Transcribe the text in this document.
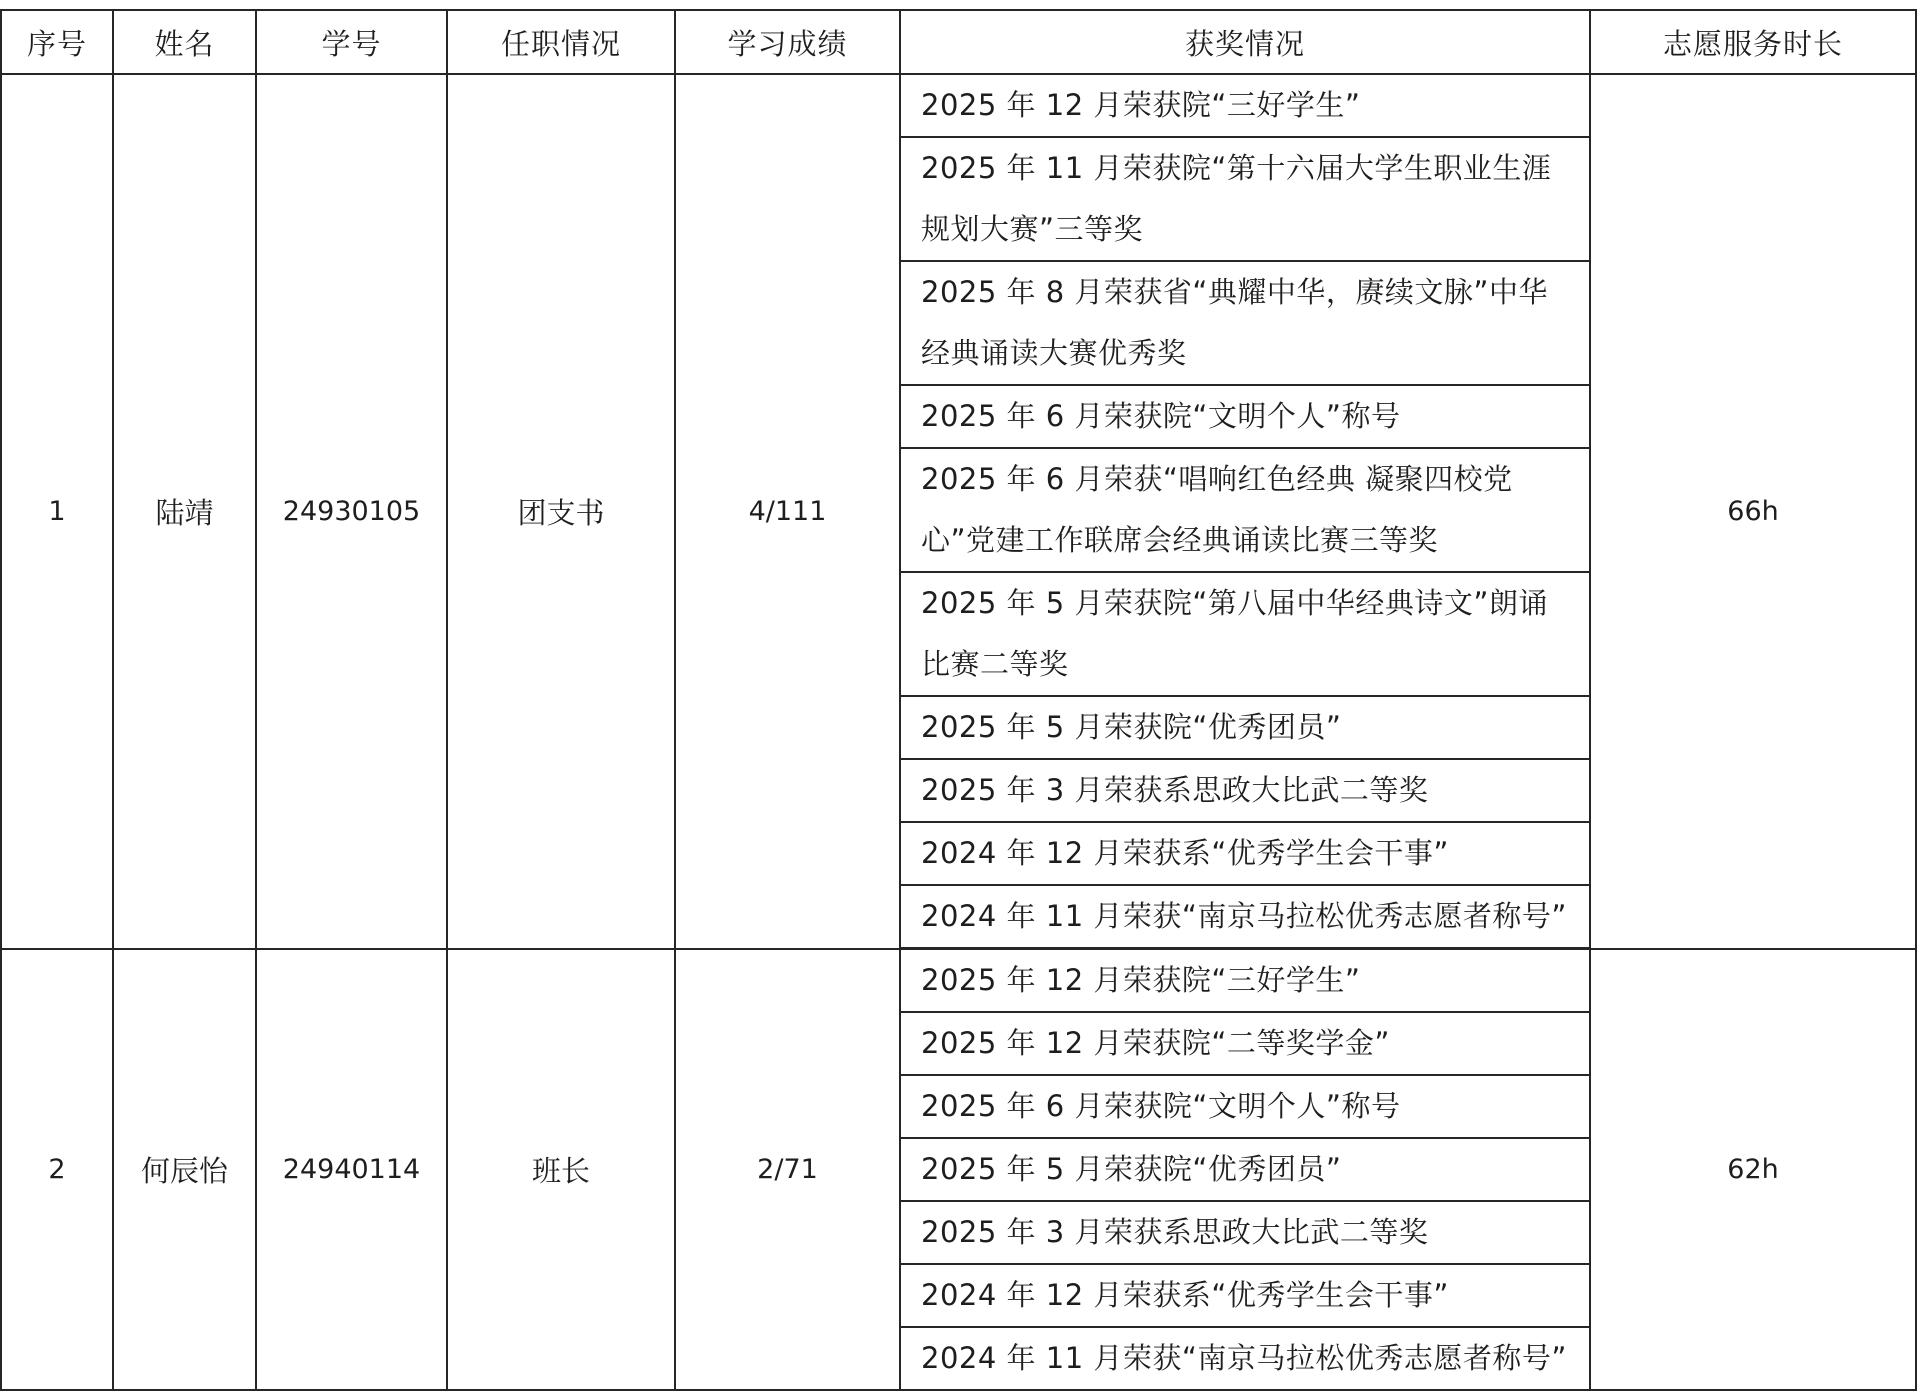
序号	姓名	学号	任职情况	学习成绩	获奖情况	志愿服务时长
1	陆靖	24930105	团支书	4/111	2025 年 12 月荣获院“三好学生”	66h
					2025 年 11 月荣获院“第十六届大学生职业生涯规划大赛”三等奖	
					2025 年 8 月荣获省“典耀中华，赓续文脉”中华经典诵读大赛优秀奖	
					2025 年 6 月荣获院“文明个人”称号	
					2025 年 6 月荣获“唱响红色经典 凝聚四校党心”党建工作联席会经典诵读比赛三等奖	
					2025 年 5 月荣获院“第八届中华经典诗文”朗诵比赛二等奖	
					2025 年 5 月荣获院“优秀团员”	
					2025 年 3 月荣获系思政大比武二等奖	
					2024 年 12 月荣获系“优秀学生会干事”	
					2024 年 11 月荣获“南京马拉松优秀志愿者称号”	
2	何辰怡	24940114	班长	2/71	2025 年 12 月荣获院“三好学生”	62h
					2025 年 12 月荣获院“二等奖学金”	
					2025 年 6 月荣获院“文明个人”称号	
					2025 年 5 月荣获院“优秀团员”	
					2025 年 3 月荣获系思政大比武二等奖	
					2024 年 12 月荣获系“优秀学生会干事”	
					2024 年 11 月荣获“南京马拉松优秀志愿者称号”	
